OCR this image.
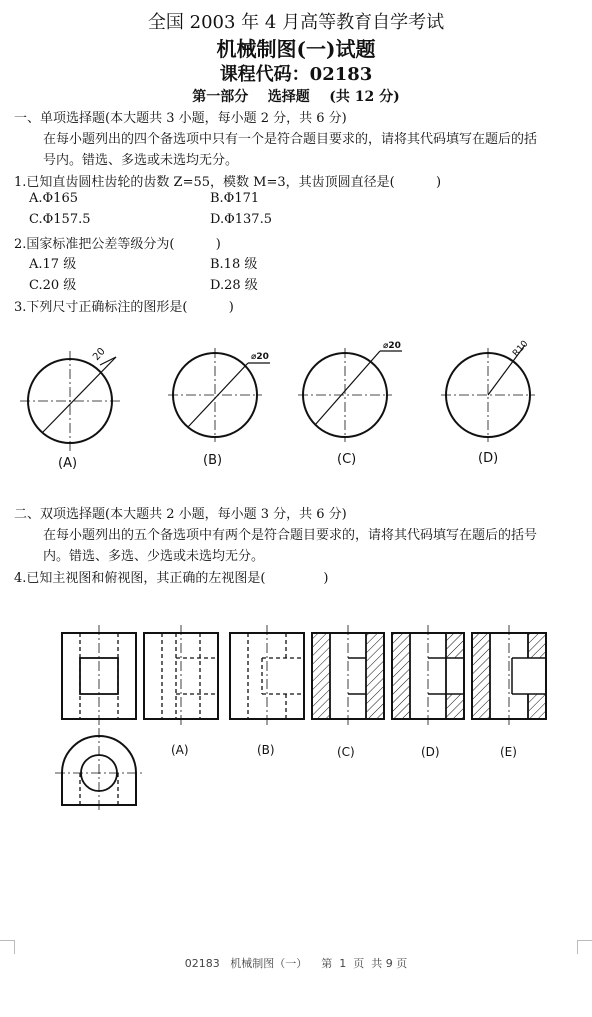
全国 2003 年 4 月高等教育自学考试
机械制图(一)试题
课程代码：02183
第一部分    选择题    (共 12 分)
一、单项选择题(本大题共 3 小题，每小题 2 分，共 6 分)
在每小题列出的四个备选项中只有一个是符合题目要求的，请将其代码填写在题后的括
号内。错选、多选或未选均无分。
1.已知直齿圆柱齿轮的齿数 Z=55，模数 M=3，其齿顶圆直径是(          )
A.Φ165	B.Φ171
C.Φ157.5	D.Φ137.5
2.国家标准把公差等级分为(          )
A.17 级	B.18 级
C.20 级	D.28 级
3.下列尺寸正确标注的图形是(          )
20	⌀20
⌀20	R10
(A)	(B)	(C)	(D)
二、双项选择题(本大题共 2 小题，每小题 3 分，共 6 分)
在每小题列出的五个备选项中有两个是符合题目要求的，请将其代码填写在题后的括号
内。错选、多选、少选或未选均无分。
4.已知主视图和俯视图，其正确的左视图是(              )
(A)	(B)	(C)	(D)	(E)
02183   机械制图（一）    第  1  页  共 9 页
